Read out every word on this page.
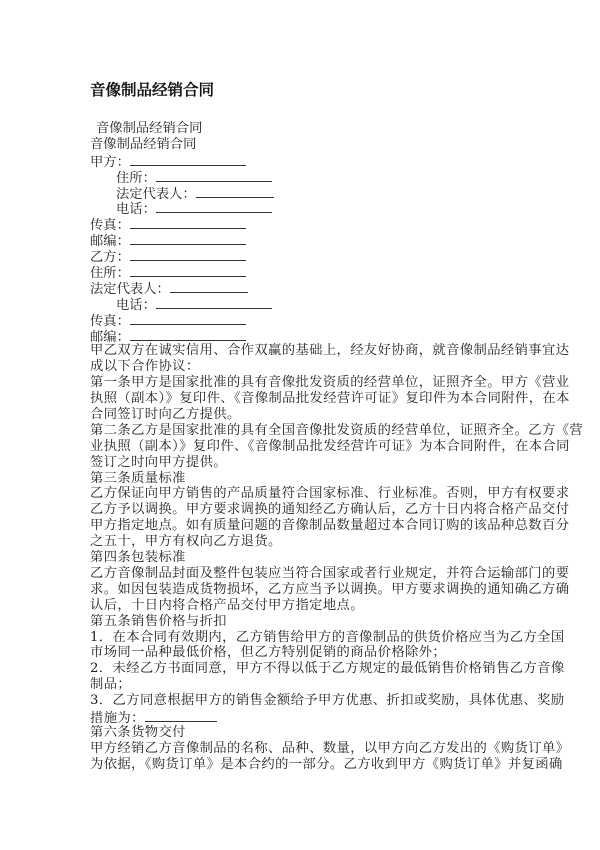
音像制品经销合同
音像制品经销合同
音像制品经销合同
甲方：
住所：
法定代表人：
电话：
传真：
邮编：
乙方：
住所：
法定代表人：
电话：
传真：
邮编：
甲乙双方在诚实信用、合作双赢的基础上，经友好协商，就音像制品经销事宜达
成以下合作协议：
第一条甲方是国家批准的具有音像批发资质的经营单位，证照齐全。甲方《营业
执照（副本）》复印件、《音像制品批发经营许可证》复印件为本合同附件，在本
合同签订时向乙方提供。
第二条乙方是国家批准的具有全国音像批发资质的经营单位，证照齐全。乙方《营
业执照（副本）》复印件、《音像制品批发经营许可证》为本合同附件，在本合同
签订之时向甲方提供。
第三条质量标准
乙方保证向甲方销售的产品质量符合国家标准、行业标准。否则，甲方有权要求
乙方予以调换。甲方要求调换的通知经乙方确认后，乙方十日内将合格产品交付
甲方指定地点。如有质量问题的音像制品数量超过本合同订购的该品种总数百分
之五十，甲方有权向乙方退货。
第四条包装标准
乙方音像制品封面及整件包装应当符合国家或者行业规定，并符合运输部门的要
求。如因包装造成货物损坏，乙方应当予以调换。甲方要求调换的通知确乙方确
认后，十日内将合格产品交付甲方指定地点。
第五条销售价格与折扣
1．在本合同有效期内，乙方销售给甲方的音像制品的供货价格应当为乙方全国
市场同一品种最低价格，但乙方特别促销的商品价格除外；
2．未经乙方书面同意，甲方不得以低于乙方规定的最低销售价格销售乙方音像
制品；
3．乙方同意根据甲方的销售金额给予甲方优惠、折扣或奖励，具体优惠、奖励
措施为：
第六条货物交付
甲方经销乙方音像制品的名称、品种、数量，以甲方向乙方发出的《购货订单》
为依据，《购货订单》是本合约的一部分。乙方收到甲方《购货订单》并复函确
